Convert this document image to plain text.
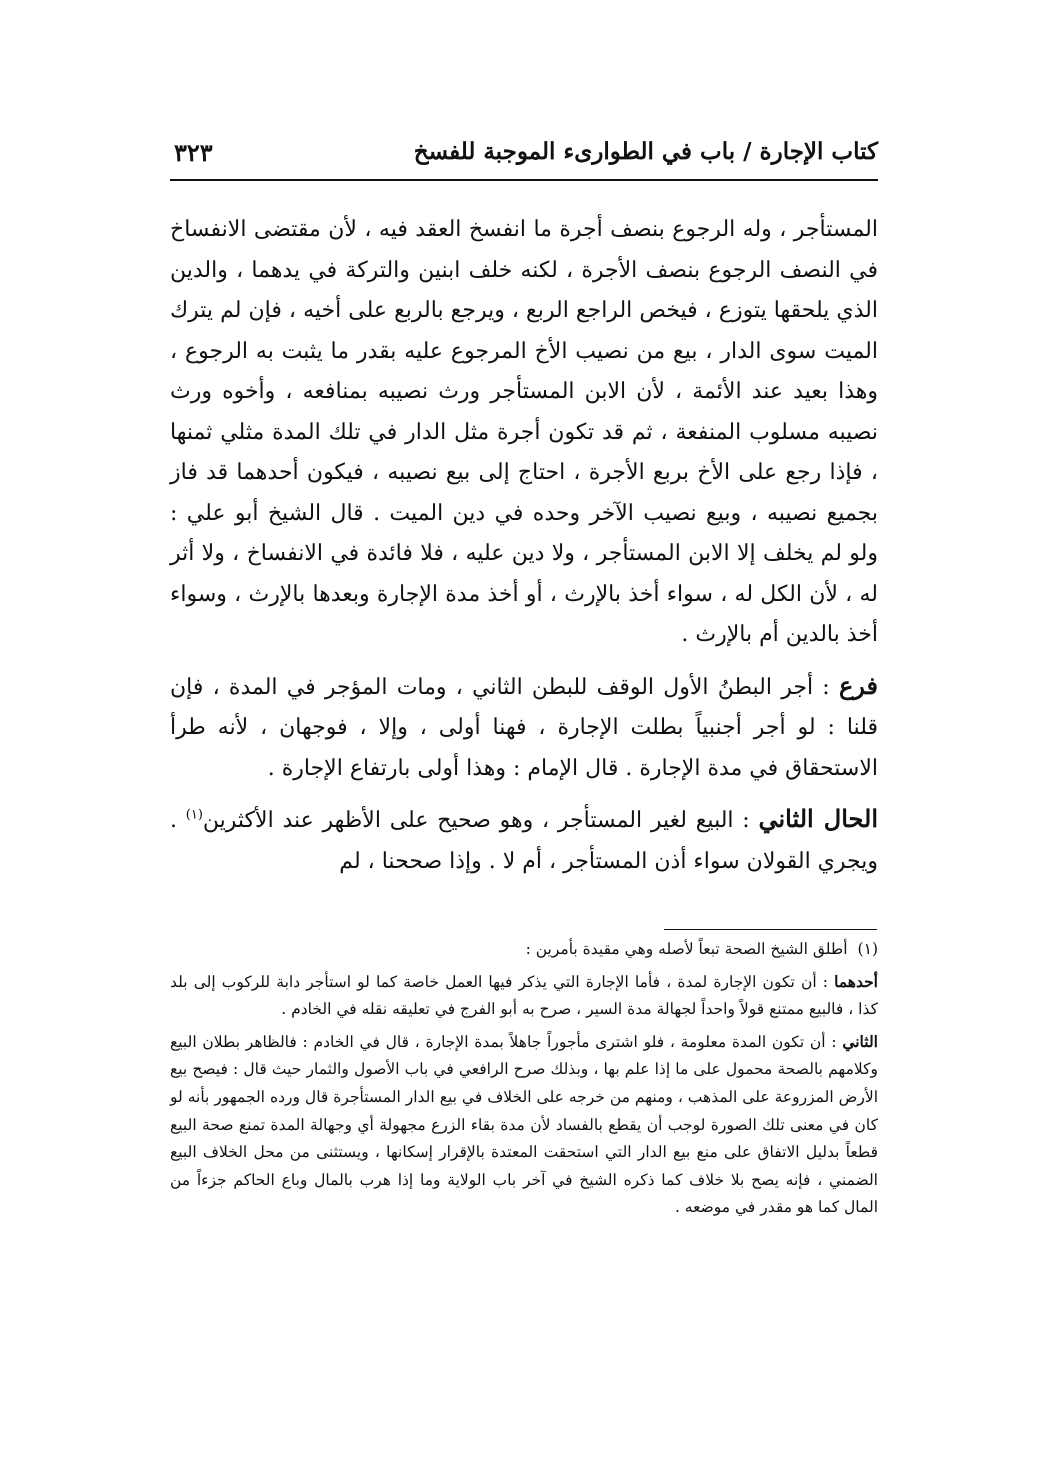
كتاب الإجارة / باب في الطوارىء الموجبة للفسخ
٣٢٣

المستأجر ، وله الرجوع بنصف أجرة ما انفسخ العقد فيه ، لأن مقتضى الانفساخ في النصف الرجوع بنصف الأجرة ، لكنه خلف ابنين والتركة في يدهما ، والدين الذي يلحقها يتوزع ، فيخص الراجع الربع ، ويرجع بالربع على أخيه ، فإن لم يترك الميت سوى الدار ، بيع من نصيب الأخ المرجوع عليه بقدر ما يثبت به الرجوع ، وهذا بعيد عند الأئمة ، لأن الابن المستأجر ورث نصيبه بمنافعه ، وأخوه ورث نصيبه مسلوب المنفعة ، ثم قد تكون أجرة مثل الدار في تلك المدة مثلي ثمنها ، فإذا رجع على الأخ بربع الأجرة ، احتاج إلى بيع نصيبه ، فيكون أحدهما قد فاز بجميع نصيبه ، وبيع نصيب الآخر وحده في دين الميت . قال الشيخ أبو علي : ولو لم يخلف إلا الابن المستأجر ، ولا دين عليه ، فلا فائدة في الانفساخ ، ولا أثر له ، لأن الكل له ، سواء أخذ بالإرث ، أو أخذ مدة الإجارة وبعدها بالإرث ، وسواء أخذ بالدين أم بالإرث .

فرع : أجر البطنُ الأول الوقف للبطن الثاني ، ومات المؤجر في المدة ، فإن قلنا : لو أجر أجنبياً بطلت الإجارة ، فهنا أولى ، وإلا ، فوجهان ، لأنه طرأ الاستحقاق في مدة الإجارة . قال الإمام : وهذا أولى بارتفاع الإجارة .

الحال الثاني : البيع لغير المستأجر ، وهو صحيح على الأظهر عند الأكثرين$^{(١)}$ . ويجري القولان سواء أذن المستأجر ، أم لا . وإذا صححنا ، لم

(١)أطلق الشيخ الصحة تبعاً لأصله وهي مقيدة بأمرين :

أحدهما : أن تكون الإجارة لمدة ، فأما الإجارة التي يذكر فيها العمل خاصة كما لو استأجر دابة للركوب إلى بلد كذا ، فالبيع ممتنع قولاً واحداً لجهالة مدة السير ، صرح به أبو الفرج في تعليقه نقله في الخادم .

الثاني : أن تكون المدة معلومة ، فلو اشترى مأجوراً جاهلاً بمدة الإجارة ، قال في الخادم : فالظاهر بطلان البيع وكلامهم بالصحة محمول على ما إذا علم بها ، وبذلك صرح الرافعي في باب الأصول والثمار حيث قال : فيصح بيع الأرض المزروعة على المذهب ، ومنهم من خرجه على الخلاف في بيع الدار المستأجرة قال ورده الجمهور بأنه لو كان في معنى تلك الصورة لوجب أن يقطع بالفساد لأن مدة بقاء الزرع مجهولة أي وجهالة المدة تمنع صحة البيع قطعاً بدليل الاتفاق على منع بيع الدار التي استحقت المعتدة بالإقرار إسكانها ، ويستثنى من محل الخلاف البيع الضمني ، فإنه يصح بلا خلاف كما ذكره الشيخ في آخر باب الولاية وما إذا هرب بالمال وباع الحاكم جزءاً من المال كما هو مقدر في موضعه .
